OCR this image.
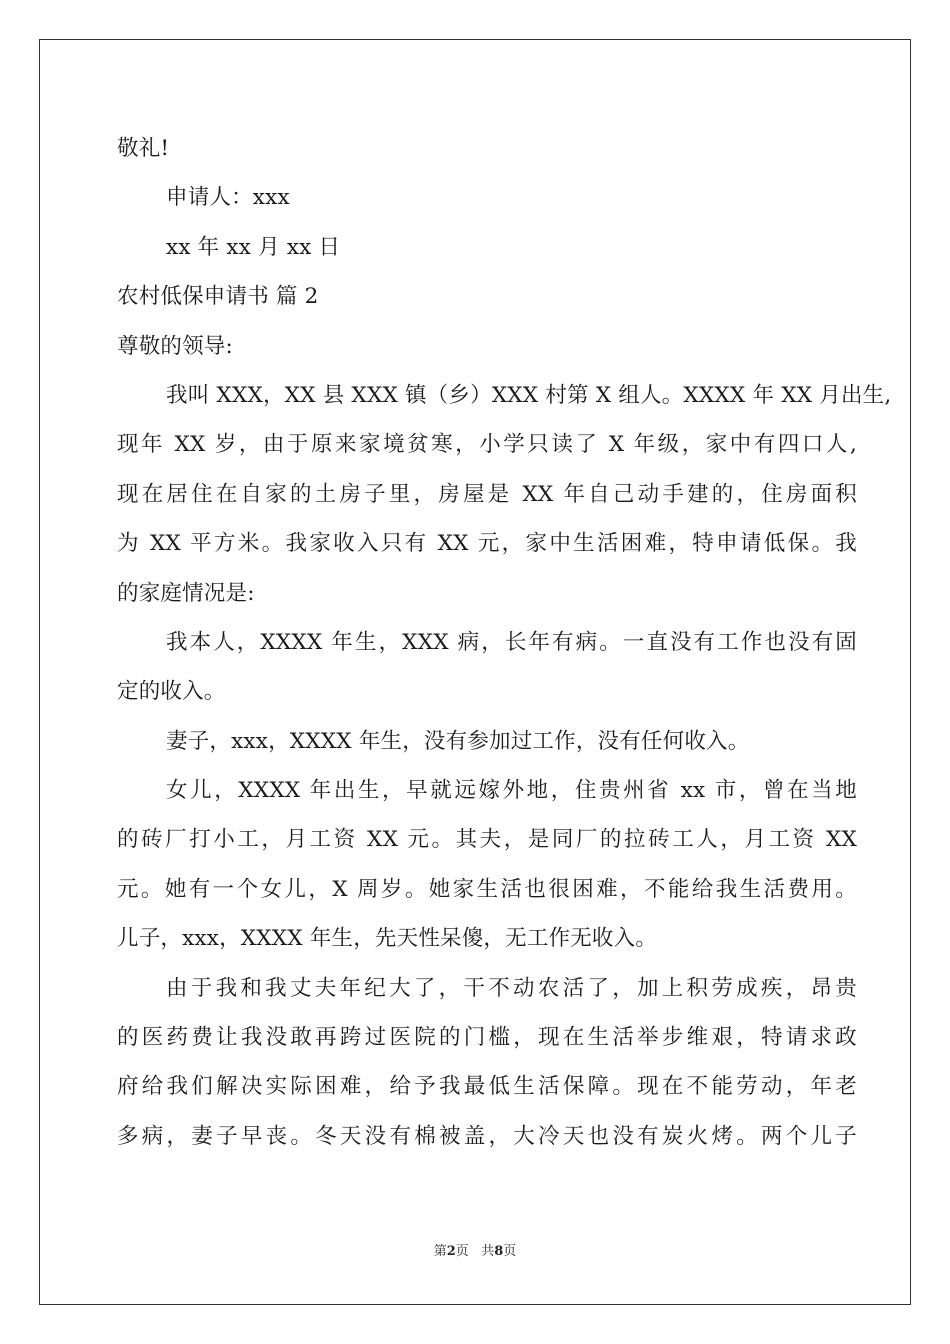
敬礼!
申请人：xxx
xx 年 xx 月 xx 日
农村低保申请书 篇 2
尊敬的领导:
我叫 XXX，XX 县 XXX 镇（乡）XXX 村第 X 组人。XXXX 年 XX 月出生,
现年 XX 岁，由于原来家境贫寒，小学只读了 X 年级，家中有四口人,
现在居住在自家的土房子里，房屋是 XX 年自己动手建的，住房面积
为 XX 平方米。我家收入只有 XX 元，家中生活困难，特申请低保。我
的家庭情况是:
我本人，XXXX 年生，XXX 病，长年有病。一直没有工作也没有固
定的收入。
妻子，xxx，XXXX 年生，没有参加过工作，没有任何收入。
女儿，XXXX 年出生，早就远嫁外地，住贵州省 xx 市，曾在当地
的砖厂打小工，月工资 XX 元。其夫，是同厂的拉砖工人，月工资 XX
元。她有一个女儿，X 周岁。她家生活也很困难，不能给我生活费用。
儿子，xxx，XXXX 年生，先天性呆傻，无工作无收入。
由于我和我丈夫年纪大了，干不动农活了，加上积劳成疾，昂贵
的医药费让我没敢再跨过医院的门槛，现在生活举步维艰，特请求政
府给我们解决实际困难，给予我最低生活保障。现在不能劳动，年老
多病，妻子早丧。冬天没有棉被盖，大冷天也没有炭火烤。两个儿子
第2页 共8页
